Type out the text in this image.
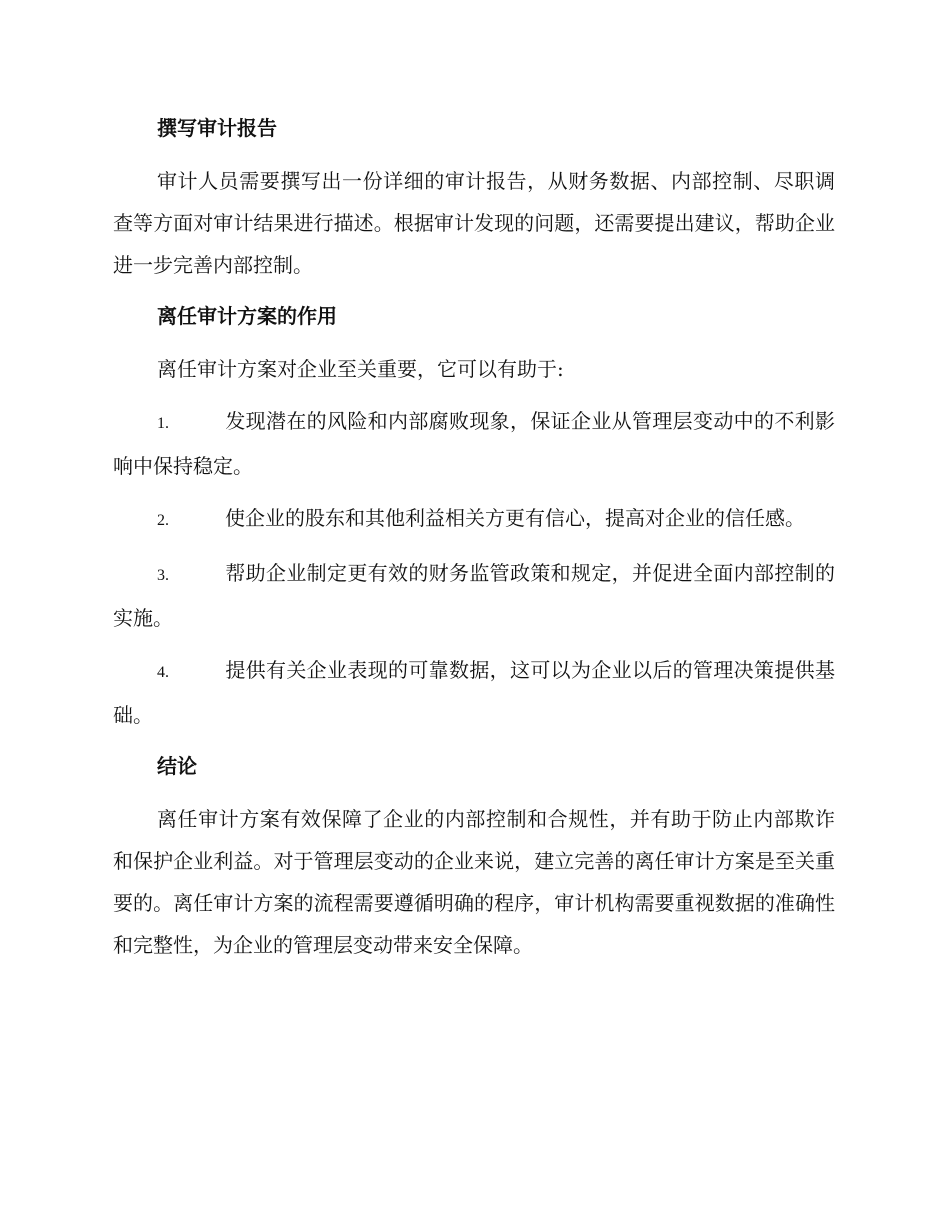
撰写审计报告

审计人员需要撰写出一份详细的审计报告，从财务数据、内部控制、尽职调查等方面对审计结果进行描述。根据审计发现的问题，还需要提出建议，帮助企业进一步完善内部控制。

离任审计方案的作用

离任审计方案对企业至关重要，它可以有助于:

1.	发现潜在的风险和内部腐败现象，保证企业从管理层变动中的不利影响中保持稳定。

2.	使企业的股东和其他利益相关方更有信心，提高对企业的信任感。

3.	帮助企业制定更有效的财务监管政策和规定，并促进全面内部控制的实施。

4.	提供有关企业表现的可靠数据，这可以为企业以后的管理决策提供基础。

结论

离任审计方案有效保障了企业的内部控制和合规性，并有助于防止内部欺诈和保护企业利益。对于管理层变动的企业来说，建立完善的离任审计方案是至关重要的。离任审计方案的流程需要遵循明确的程序，审计机构需要重视数据的准确性和完整性，为企业的管理层变动带来安全保障。
